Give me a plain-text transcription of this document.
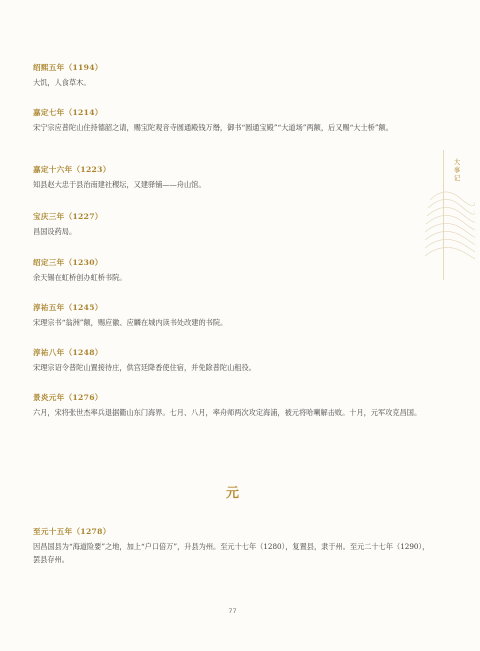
绍熙五年（1194）
大饥，人食草木。
嘉定七年（1214）
宋宁宗应普陀山住持德韶之请，赐宝陀观音寺圆通殿钱万缗，御书“圆通宝殿”“大道场”两额，后又赐“大士桥”额。
嘉定十六年（1223）
知县赵大忠于县治南建社稷坛，又建驿铺——舟山馆。
宝庆三年（1227）
昌国设药局。
绍定三年（1230）
余天锡在虹桥创办虹桥书院。
淳祐五年（1245）
宋理宗书“翁洲”额，赐应徽、应麟在城内读书处改建的书院。
淳祐八年（1248）
宋理宗诏令普陀山置接待庄，供宫廷降香使住宿，并免除普陀山租役。
景炎元年（1276）
六月，宋将张世杰率兵退据衢山东门海界。七月、八月，率舟师两次攻定海浦，被元将哈喇解击败。十月，元军攻克昌国。
元
至元十五年（1278）
因昌国县为“海道险要”之地，加上“户口倍万”，升县为州。至元十七年（1280），复置县，隶于州。至元二十七年（1290），罢县存州。
大事记
77
